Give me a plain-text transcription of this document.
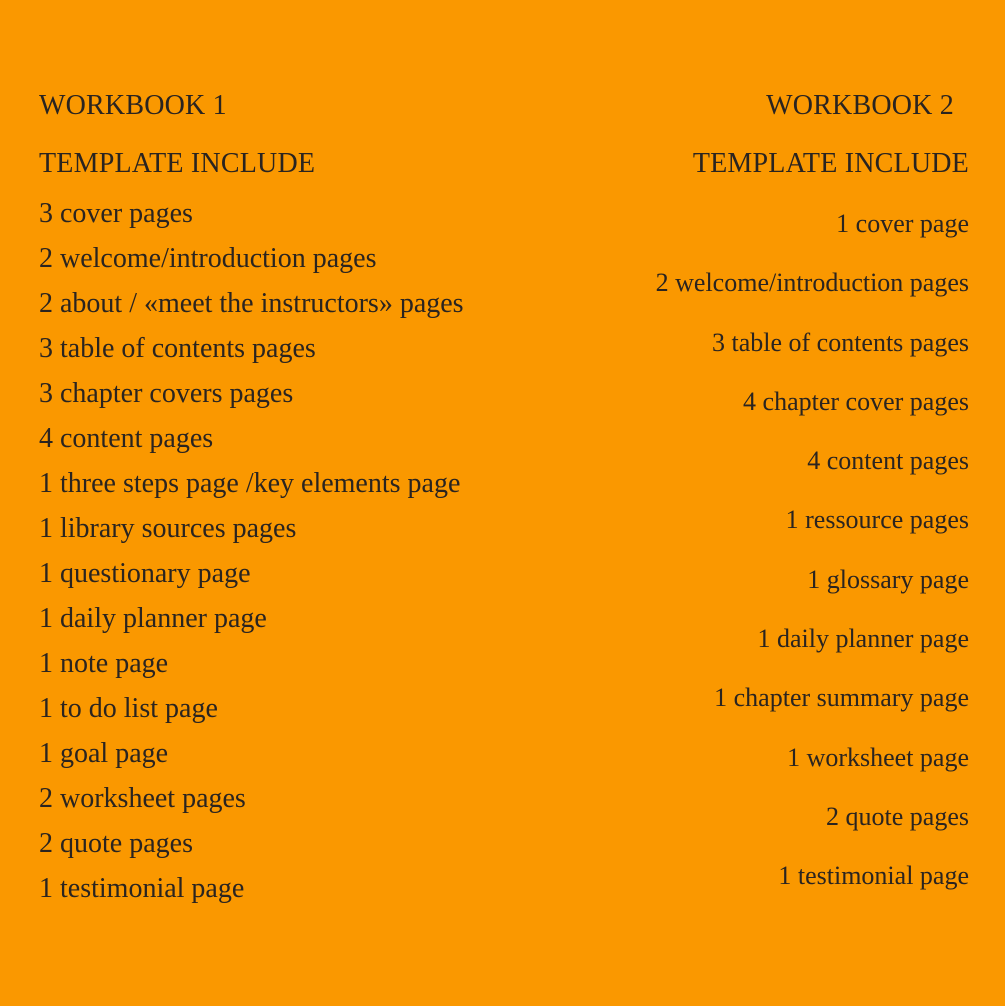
WORKBOOK 1
TEMPLATE INCLUDE
3 cover pages
2 welcome/introduction pages
2 about / «meet the instructors» pages
3 table of contents pages
3 chapter covers pages
4 content pages
1 three steps page /key elements page
1 library sources pages
1 questionary page
1 daily planner page
1 note page
1 to do list page
1 goal page
2 worksheet pages
2 quote pages
1 testimonial page
WORKBOOK 2
TEMPLATE INCLUDE
1 cover page
2 welcome/introduction pages
3 table of contents pages
4 chapter cover pages
4 content pages
1 ressource pages
1 glossary page
1 daily planner page
1 chapter summary page
1 worksheet page
2 quote pages
1 testimonial page
